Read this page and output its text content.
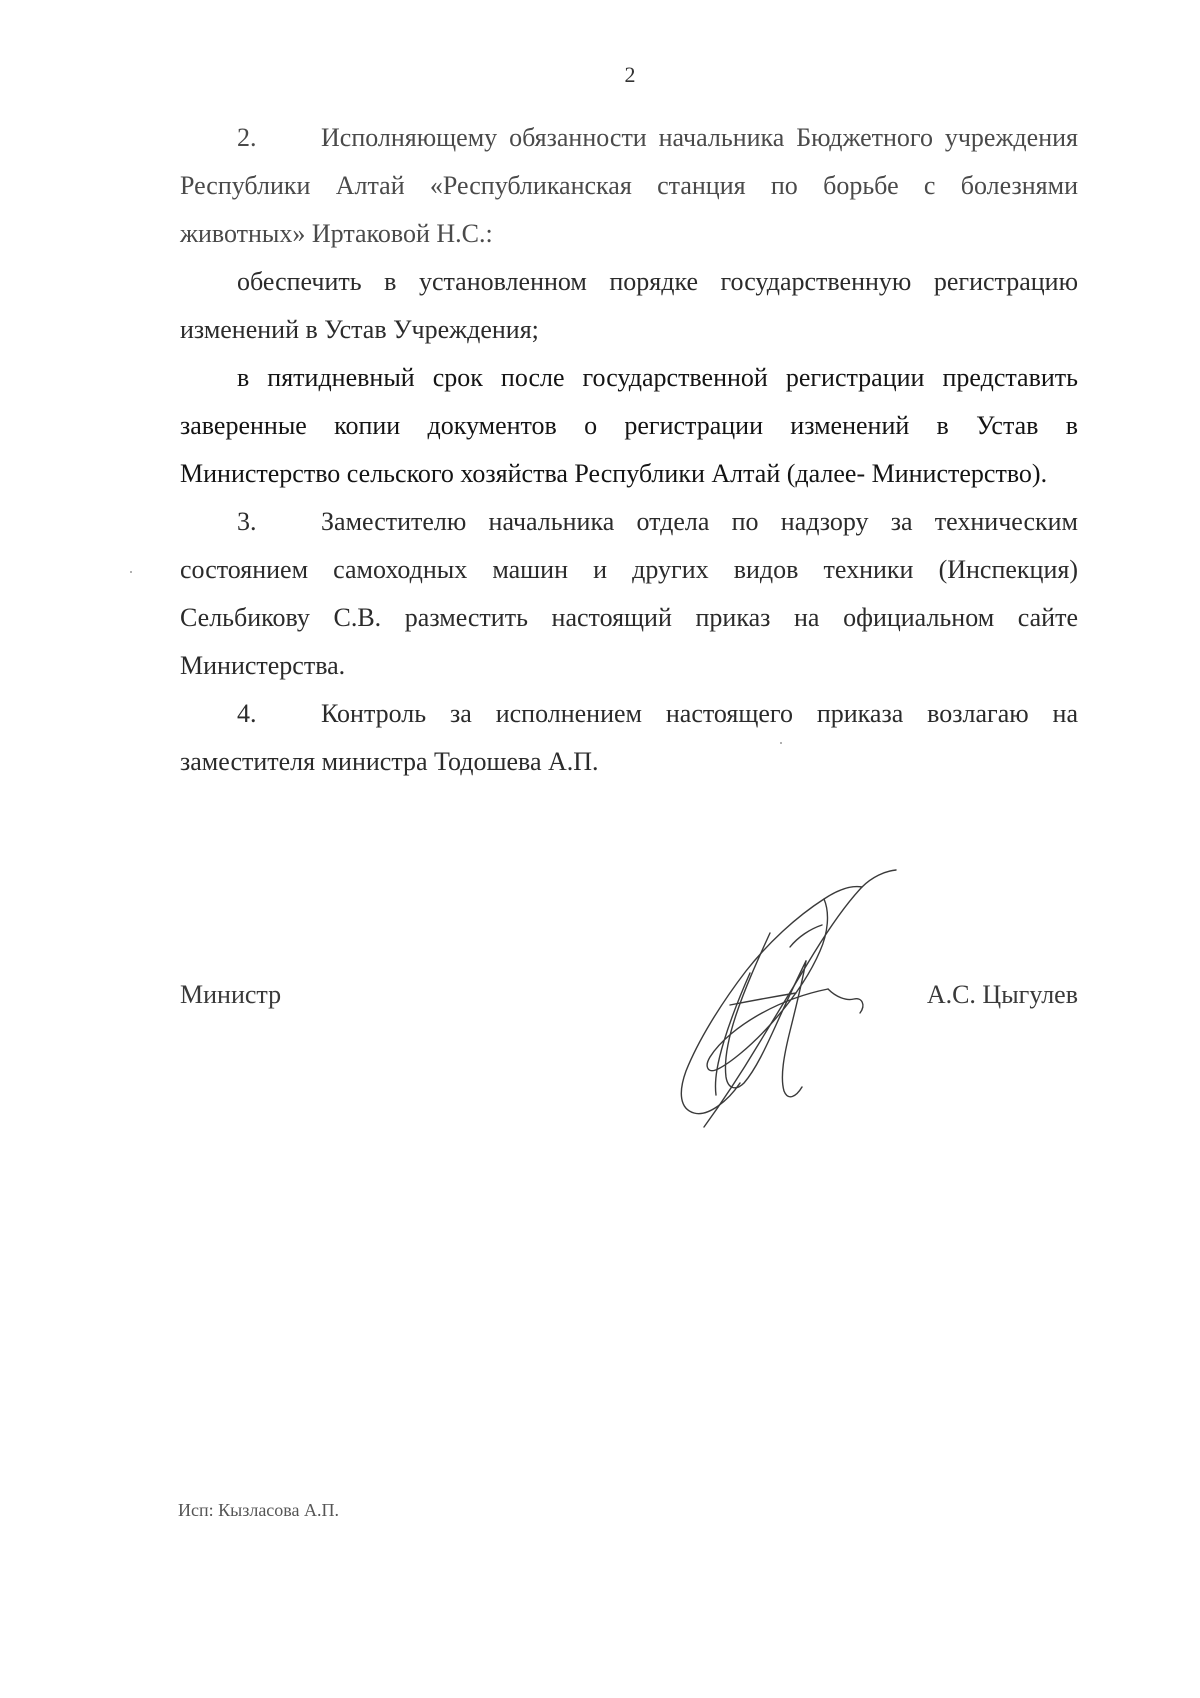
2

2. Исполняющему обязанности начальника Бюджетного учреждения Республики Алтай «Республиканская станция по борьбе с болезнями животных» Иртаковой Н.С.:

обеспечить в установленном порядке государственную регистрацию изменений в Устав Учреждения;

в пятидневный срок после государственной регистрации представить заверенные копии документов о регистрации изменений в Устав в Министерство сельского хозяйства Республики Алтай (далее- Министерство).

3. Заместителю начальника отдела по надзору за техническим состоянием самоходных машин и других видов техники (Инспекция) Сельбикову С.В. разместить настоящий приказ на официальном сайте Министерства.

4. Контроль за исполнением настоящего приказа возлагаю на заместителя министра Тодошева А.П.

Министр	А.С. Цыгулев
Исп: Кызласова А.П.
